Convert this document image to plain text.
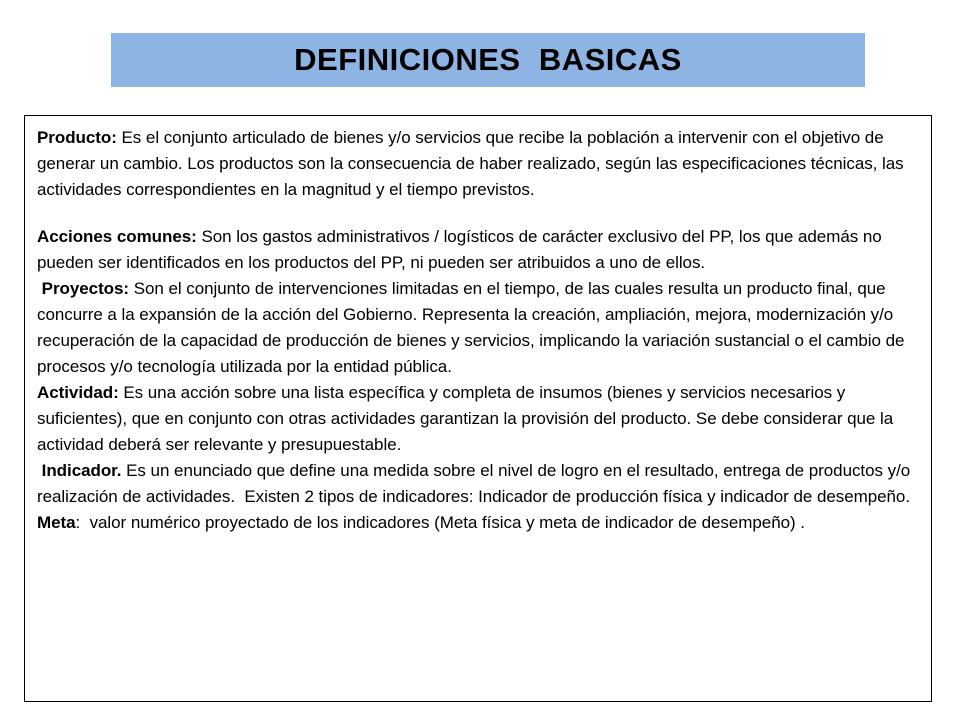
DEFINICIONES  BASICAS

Producto: Es el conjunto articulado de bienes y/o servicios que recibe la población a intervenir con el objetivo de generar un cambio. Los productos son la consecuencia de haber realizado, según las especificaciones técnicas, las actividades correspondientes en la magnitud y el tiempo previstos.

Acciones comunes: Son los gastos administrativos / logísticos de carácter exclusivo del PP, los que además no pueden ser identificados en los productos del PP, ni pueden ser atribuidos a uno de ellos.

Proyectos: Son el conjunto de intervenciones limitadas en el tiempo, de las cuales resulta un producto final, que concurre a la expansión de la acción del Gobierno. Representa la creación, ampliación, mejora, modernización y/o recuperación de la capacidad de producción de bienes y servicios, implicando la variación sustancial o el cambio de procesos y/o tecnología utilizada por la entidad pública.

Actividad: Es una acción sobre una lista específica y completa de insumos (bienes y servicios necesarios y suficientes), que en conjunto con otras actividades garantizan la provisión del producto. Se debe considerar que la actividad deberá ser relevante y presupuestable.

Indicador. Es un enunciado que define una medida sobre el nivel de logro en el resultado, entrega de productos y/o realización de actividades.  Existen 2 tipos de indicadores: Indicador de producción física y indicador de desempeño.

Meta:  valor numérico proyectado de los indicadores (Meta física y meta de indicador de desempeño) .
